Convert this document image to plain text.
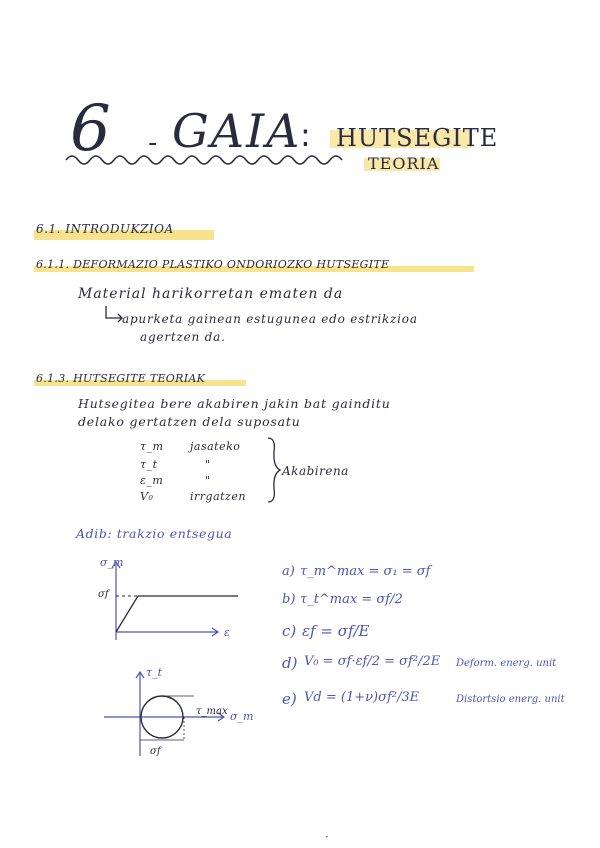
6 - GAIA
: HUTSEGITE
TEORIA
6.1. INTRODUKZIOA
6.1.1. DEFORMAZIO PLASTIKO ONDORIOZKO HUTSEGITE
Material harikorretan ematen da
apurketa gainean estugunea edo estrikzioa
agertzen da.
6.1.3. HUTSEGITE TEORIAK
Hutsegitea bere akabiren jakin bat gainditu
delako gertatzen dela suposatu
τ_m jasateko
τ_t	"
ε_m	"
V₀	irrgatzen
Akabirena
Adib: trakzio entsegua
σ_m
ε
σf
τ_t
σ_m
τ_max
σf
a) τ_m^max = σ₁ = σf
b) τ_t^max = σf/2
c) εf = σf/E
d) V₀ = σf·εf/2 = σf²/2E Deform. energ. unit
e) Vd = (1+ν)σf²/3E	Distortsio energ. unit
•
